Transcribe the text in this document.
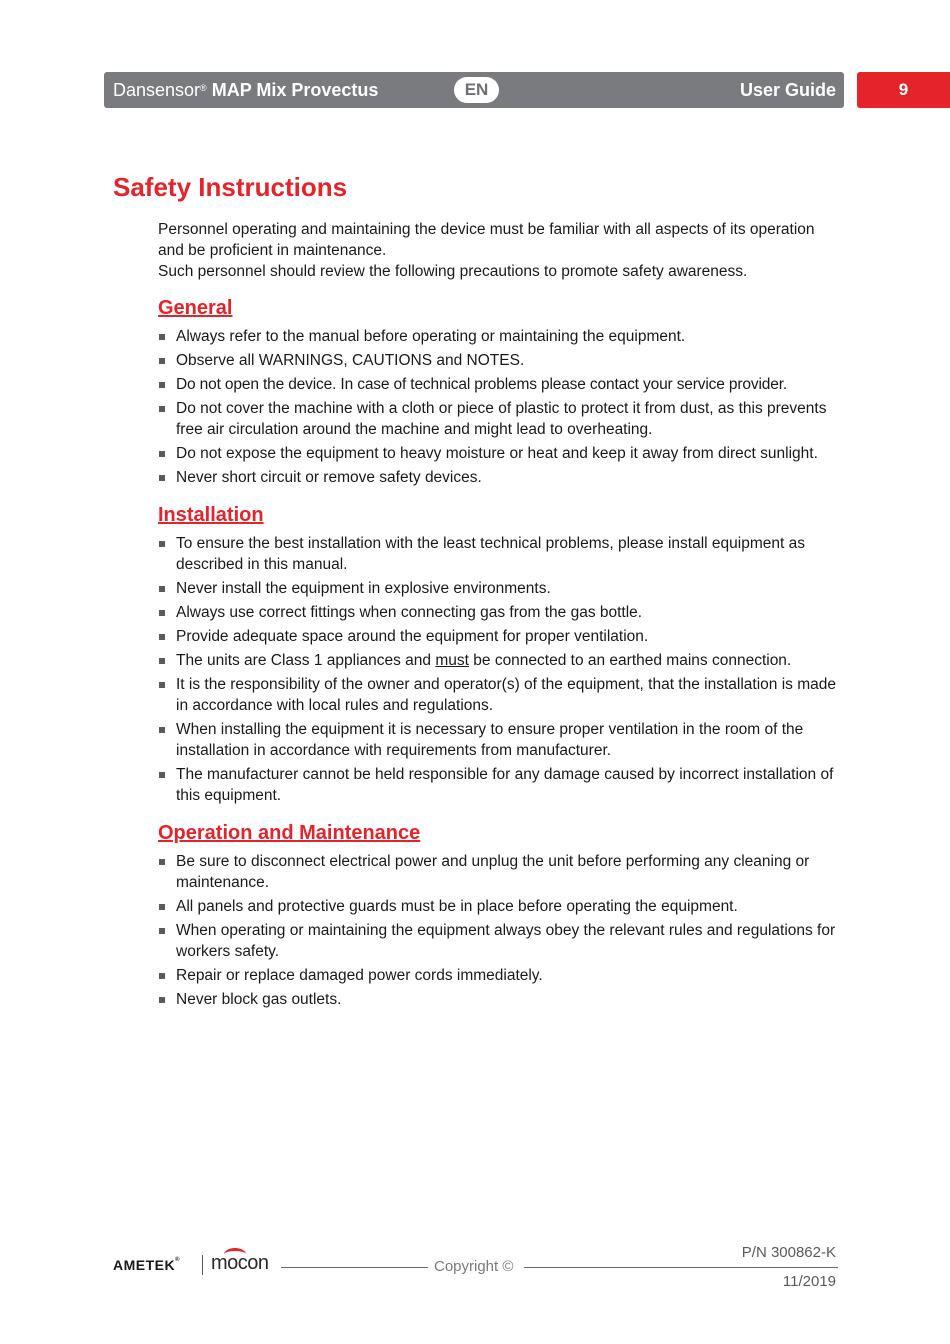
Dansensor® MAP Mix Provectus	EN	User Guide	9
Safety Instructions

Personnel operating and maintaining the device must be familiar with all aspects of its operation and be proficient in maintenance.

Such personnel should review the following precautions to promote safety awareness.

General
Always refer to the manual before operating or maintaining the equipment.
Observe all WARNINGS, CAUTIONS and NOTES.
Do not open the device. In case of technical problems please contact your service provider.
Do not cover the machine with a cloth or piece of plastic to protect it from dust, as this prevents free air circulation around the machine and might lead to overheating.
Do not expose the equipment to heavy moisture or heat and keep it away from direct sunlight.
Never short circuit or remove safety devices.
Installation
To ensure the best installation with the least technical problems, please install equipment as described in this manual.
Never install the equipment in explosive environments.
Always use correct fittings when connecting gas from the gas bottle.
Provide adequate space around the equipment for proper ventilation.
The units are Class 1 appliances and must be connected to an earthed mains connection.
It is the responsibility of the owner and operator(s) of the equipment, that the installation is made in accordance with local rules and regulations.
When installing the equipment it is necessary to ensure proper ventilation in the room of the installation in accordance with requirements from manufacturer.
The manufacturer cannot be held responsible for any damage caused by incorrect installation of this equipment.
Operation and Maintenance
Be sure to disconnect electrical power and unplug the unit before performing any cleaning or maintenance.
All panels and protective guards must be in place before operating the equipment.
When operating or maintaining the equipment always obey the relevant rules and regulations for workers safety.
Repair or replace damaged power cords immediately.
Never block gas outlets.
AMETEK® mocon	Copyright ©
P/N 300862-K
11/2019
